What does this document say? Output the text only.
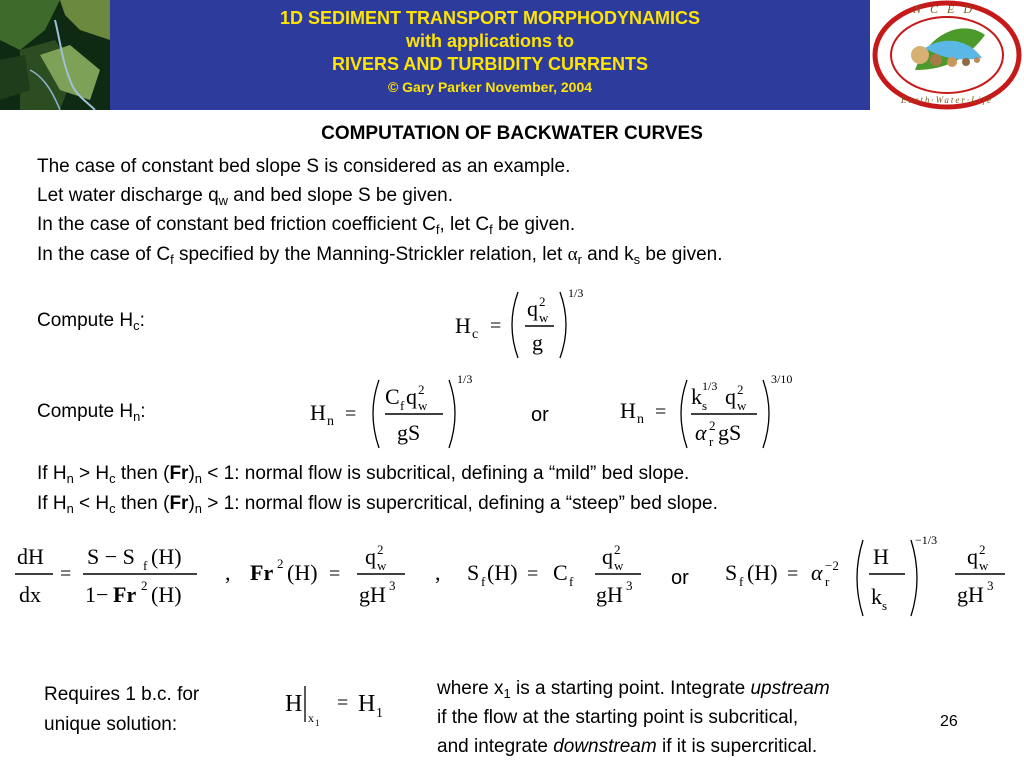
1D SEDIMENT TRANSPORT MORPHODYNAMICS
with applications to
RIVERS AND TURBIDITY CURRENTS
© Gary Parker November, 2004
NCED
Earth·Water·Life
COMPUTATION OF BACKWATER CURVES
The case of constant bed slope S is considered as an example.
Let water discharge $q_w$ and bed slope S be given.
In the case of constant bed friction coefficient $C_f$, let $C_f$ be given.
In the case of $C_f$ specified by the Manning-Strickler relation, let $\alpha_r$ and $k_s$ be given.
Compute $H_c$:	H c =
q 2
w
g
1/3
Compute $H_n$:	H n =
C f q 2
w
gS
1/3
or	H n =
k s
1/3 q 2
w
α r
2 gS
3/10
If $H_n > H_c$ then $(Fr)_n < 1$: normal flow is subcritical, defining a “mild” bed slope.
If $H_n < H_c$ then $(Fr)_n > 1$: normal flow is supercritical, defining a “steep” bed slope.
dH
dx
=
S − S f (H)
1− Fr 2 (H)
, Fr 2 (H) =
q 2
w
gH 3
, S f (H) = C f
q 2
w
gH 3
S f (H) = α r
−2 H
k s
−1/3
q 2
w
gH 3
or
Requires 1 b.c. for
unique solution:
H
x 1
= H 1
where $x_1$ is a starting point. Integrate upstream
if the flow at the starting point is subcritical,
and integrate downstream if it is supercritical.
26
